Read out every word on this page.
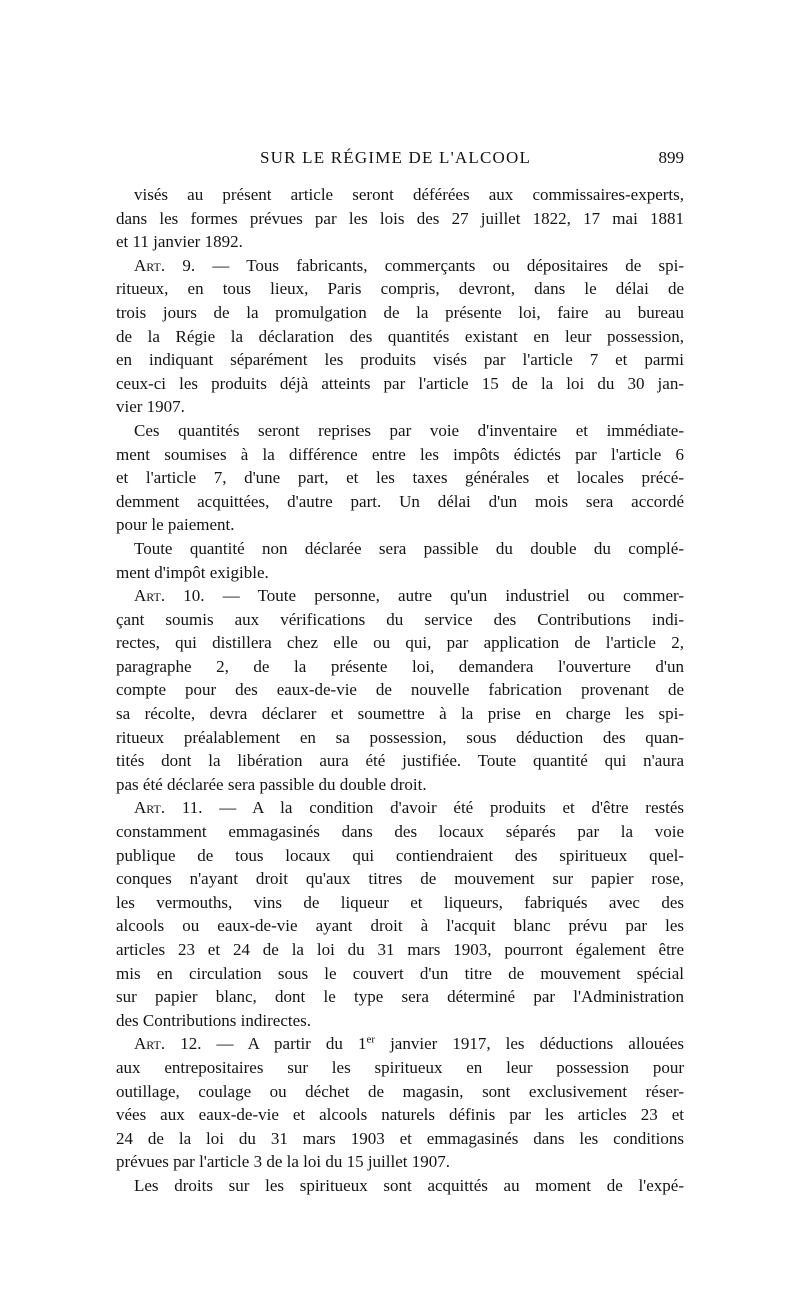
SUR LE RÉGIME DE L'ALCOOL	899
visés au présent article seront déférées aux commissaires-experts,
dans les formes prévues par les lois des 27 juillet 1822, 17 mai 1881
et 11 janvier 1892.
Art. 9. — Tous fabricants, commerçants ou dépositaires de spi-
ritueux, en tous lieux, Paris compris, devront, dans le délai de
trois jours de la promulgation de la présente loi, faire au bureau
de la Régie la déclaration des quantités existant en leur possession,
en indiquant séparément les produits visés par l'article 7 et parmi
ceux-ci les produits déjà atteints par l'article 15 de la loi du 30 jan-
vier 1907.
Ces quantités seront reprises par voie d'inventaire et immédiate-
ment soumises à la différence entre les impôts édictés par l'article 6
et l'article 7, d'une part, et les taxes générales et locales précé-
demment acquittées, d'autre part. Un délai d'un mois sera accordé
pour le paiement.
Toute quantité non déclarée sera passible du double du complé-
ment d'impôt exigible.
Art. 10. — Toute personne, autre qu'un industriel ou commer-
çant soumis aux vérifications du service des Contributions indi-
rectes, qui distillera chez elle ou qui, par application de l'article 2,
paragraphe 2, de la présente loi, demandera l'ouverture d'un
compte pour des eaux-de-vie de nouvelle fabrication provenant de
sa récolte, devra déclarer et soumettre à la prise en charge les spi-
ritueux préalablement en sa possession, sous déduction des quan-
tités dont la libération aura été justifiée. Toute quantité qui n'aura
pas été déclarée sera passible du double droit.
Art. 11. — A la condition d'avoir été produits et d'être restés
constamment emmagasinés dans des locaux séparés par la voie
publique de tous locaux qui contiendraient des spiritueux quel-
conques n'ayant droit qu'aux titres de mouvement sur papier rose,
les vermouths, vins de liqueur et liqueurs, fabriqués avec des
alcools ou eaux-de-vie ayant droit à l'acquit blanc prévu par les
articles 23 et 24 de la loi du 31 mars 1903, pourront également être
mis en circulation sous le couvert d'un titre de mouvement spécial
sur papier blanc, dont le type sera déterminé par l'Administration
des Contributions indirectes.
Art. 12. — A partir du 1er janvier 1917, les déductions allouées
aux entrepositaires sur les spiritueux en leur possession pour
outillage, coulage ou déchet de magasin, sont exclusivement réser-
vées aux eaux-de-vie et alcools naturels définis par les articles 23 et
24 de la loi du 31 mars 1903 et emmagasinés dans les conditions
prévues par l'article 3 de la loi du 15 juillet 1907.
Les droits sur les spiritueux sont acquittés au moment de l'expé-
